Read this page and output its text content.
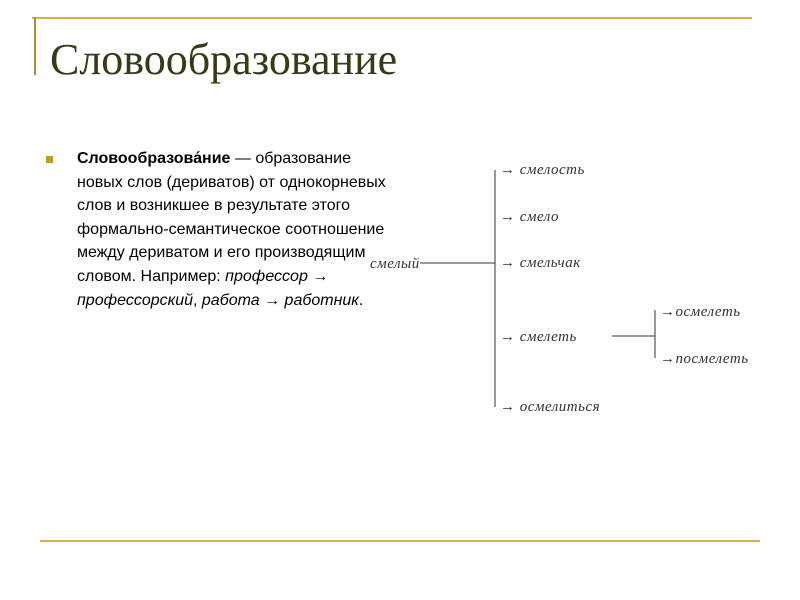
Словообразование
Словообразова́ние — образование новых слов (дериватов) от однокорневых слов и возникшее в результате этого формально-семантическое соотношение между дериватом и его производящим словом. Например: профессор → профессорский, работа → работник.
смелый
→ смелость
→ смело
→ смельчак
→ смелеть
→ осмелиться
→осмелеть
→посмелеть
